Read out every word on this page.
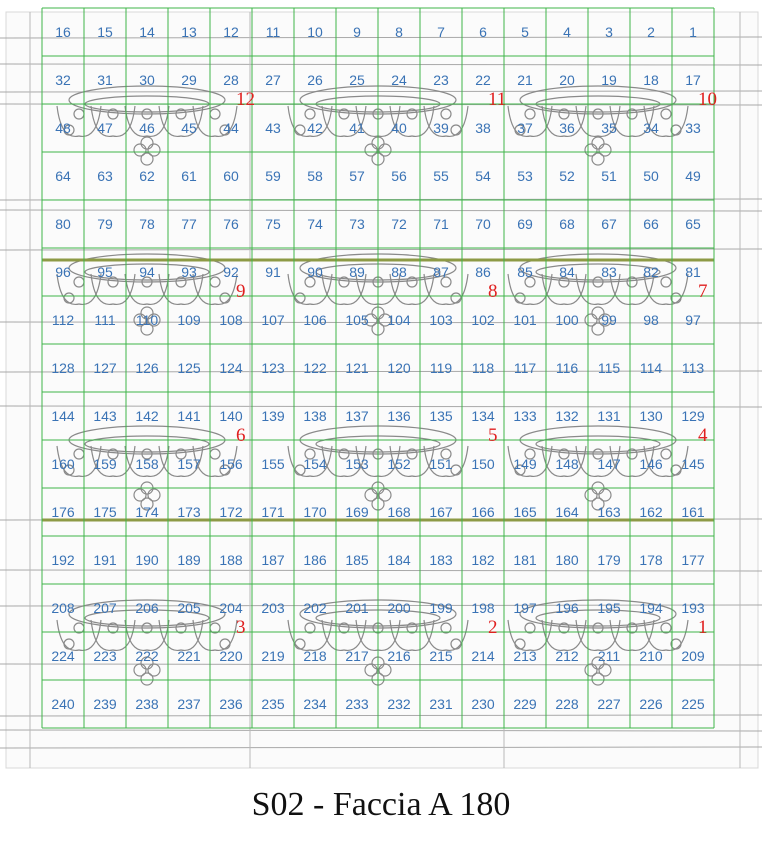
16	15	14	13	12	11	10	9	8	7	6	5	4	3	2	1
32	31	30	29	28	27	26	25	24	23	22	21	20	19	18	17
48	47	46	45	44	43	42	41	40	39	38	37	36	35	34	33
64	63	62	61	60	59	58	57	56	55	54	53	52	51	50	49
80	79	78	77	76	75	74	73	72	71	70	69	68	67	66	65
96	95	94	93	92	91	90	89	88	87	86	85	84	83	82	81
112	111	110	109	108	107	106	105	104	103	102	101	100	99	98	97
128	127	126	125	124	123	122	121	120	119	118	117	116	115	114	113
144	143	142	141	140	139	138	137	136	135	134	133	132	131	130	129
160	159	158	157	156	155	154	153	152	151	150	149	148	147	146	145
176	175	174	173	172	171	170	169	168	167	166	165	164	163	162	161
192	191	190	189	188	187	186	185	184	183	182	181	180	179	178	177
208	207	206	205	204	203	202	201	200	199	198	197	196	195	194	193
224	223	222	221	220	219	218	217	216	215	214	213	212	211	210	209
240	239	238	237	236	235	234	233	232	231	230	229	228	227	226	225
12	11	10
9	8	7
6	5	4
3	2	1
S02 - Faccia A 180
